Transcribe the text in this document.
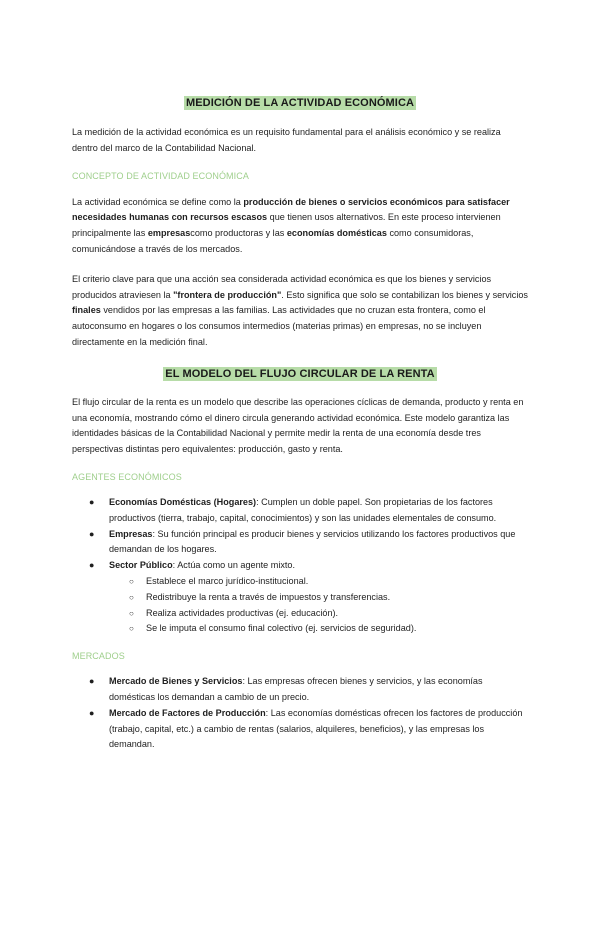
MEDICIÓN DE LA ACTIVIDAD ECONÓMICA

La medición de la actividad económica es un requisito fundamental para el análisis económico y se realiza dentro del marco de la Contabilidad Nacional.

CONCEPTO DE ACTIVIDAD ECONÓMICA

La actividad económica se define como la producción de bienes o servicios económicos para satisfacer necesidades humanas con recursos escasos que tienen usos alternativos. En este proceso intervienen principalmente las empresascomo productoras y las economías domésticas como consumidoras, comunicándose a través de los mercados.

El criterio clave para que una acción sea considerada actividad económica es que los bienes y servicios producidos atraviesen la "frontera de producción". Esto significa que solo se contabilizan los bienes y servicios finales vendidos por las empresas a las familias. Las actividades que no cruzan esta frontera, como el autoconsumo en hogares o los consumos intermedios (materias primas) en empresas, no se incluyen directamente en la medición final.

EL MODELO DEL FLUJO CIRCULAR DE LA RENTA

El flujo circular de la renta es un modelo que describe las operaciones cíclicas de demanda, producto y renta en una economía, mostrando cómo el dinero circula generando actividad económica. Este modelo garantiza las identidades básicas de la Contabilidad Nacional y permite medir la renta de una economía desde tres perspectivas distintas pero equivalentes: producción, gasto y renta.

AGENTES ECONÓMICOS

● Economías Domésticas (Hogares): Cumplen un doble papel. Son propietarias de los factores productivos (tierra, trabajo, capital, conocimientos) y son las unidades elementales de consumo.
● Empresas: Su función principal es producir bienes y servicios utilizando los factores productivos que demandan de los hogares.
● Sector Público: Actúa como un agente mixto.
○ Establece el marco jurídico-institucional.
○ Redistribuye la renta a través de impuestos y transferencias.
○ Realiza actividades productivas (ej. educación).
○ Se le imputa el consumo final colectivo (ej. servicios de seguridad).

MERCADOS

● Mercado de Bienes y Servicios: Las empresas ofrecen bienes y servicios, y las economías domésticas los demandan a cambio de un precio.
● Mercado de Factores de Producción: Las economías domésticas ofrecen los factores de producción (trabajo, capital, etc.) a cambio de rentas (salarios, alquileres, beneficios), y las empresas los demandan.
